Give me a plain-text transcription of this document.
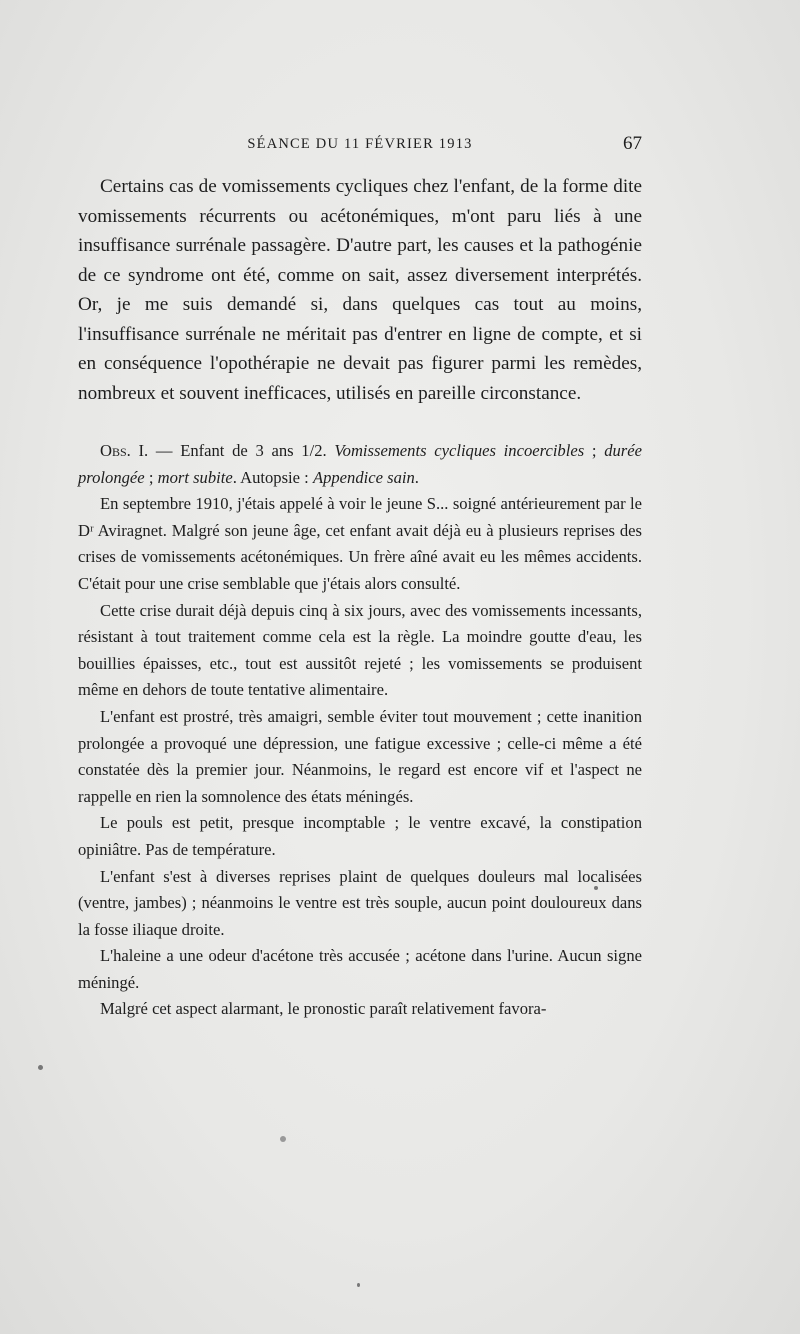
SÉANCE DU 11 FÉVRIER 1913	67

Certains cas de vomissements cycliques chez l'enfant, de la forme dite vomissements récurrents ou acétonémiques, m'ont paru liés à une insuffisance surrénale passagère. D'autre part, les causes et la pathogénie de ce syndrome ont été, comme on sait, assez diversement interprétés. Or, je me suis demandé si, dans quelques cas tout au moins, l'insuffisance surrénale ne méritait pas d'entrer en ligne de compte, et si en conséquence l'opothérapie ne devait pas figurer parmi les remèdes, nombreux et souvent inefficaces, utilisés en pareille circonstance.

Obs. I. — Enfant de 3 ans 1/2. Vomissements cycliques incoercibles ; durée prolongée ; mort subite. Autopsie : Appendice sain.

En septembre 1910, j'étais appelé à voir le jeune S... soigné antérieurement par le Dʳ Aviragnet. Malgré son jeune âge, cet enfant avait déjà eu à plusieurs reprises des crises de vomissements acétonémiques. Un frère aîné avait eu les mêmes accidents. C'était pour une crise semblable que j'étais alors consulté.

Cette crise durait déjà depuis cinq à six jours, avec des vomissements incessants, résistant à tout traitement comme cela est la règle. La moindre goutte d'eau, les bouillies épaisses, etc., tout est aussitôt rejeté ; les vomissements se produisent même en dehors de toute tentative alimentaire.

L'enfant est prostré, très amaigri, semble éviter tout mouvement ; cette inanition prolongée a provoqué une dépression, une fatigue excessive ; celle-ci même a été constatée dès la premier jour. Néanmoins, le regard est encore vif et l'aspect ne rappelle en rien la somnolence des états méningés.

Le pouls est petit, presque incomptable ; le ventre excavé, la constipation opiniâtre. Pas de température.

L'enfant s'est à diverses reprises plaint de quelques douleurs mal localisées (ventre, jambes) ; néanmoins le ventre est très souple, aucun point douloureux dans la fosse iliaque droite.

L'haleine a une odeur d'acétone très accusée ; acétone dans l'urine. Aucun signe méningé.

Malgré cet aspect alarmant, le pronostic paraît relativement favora-
